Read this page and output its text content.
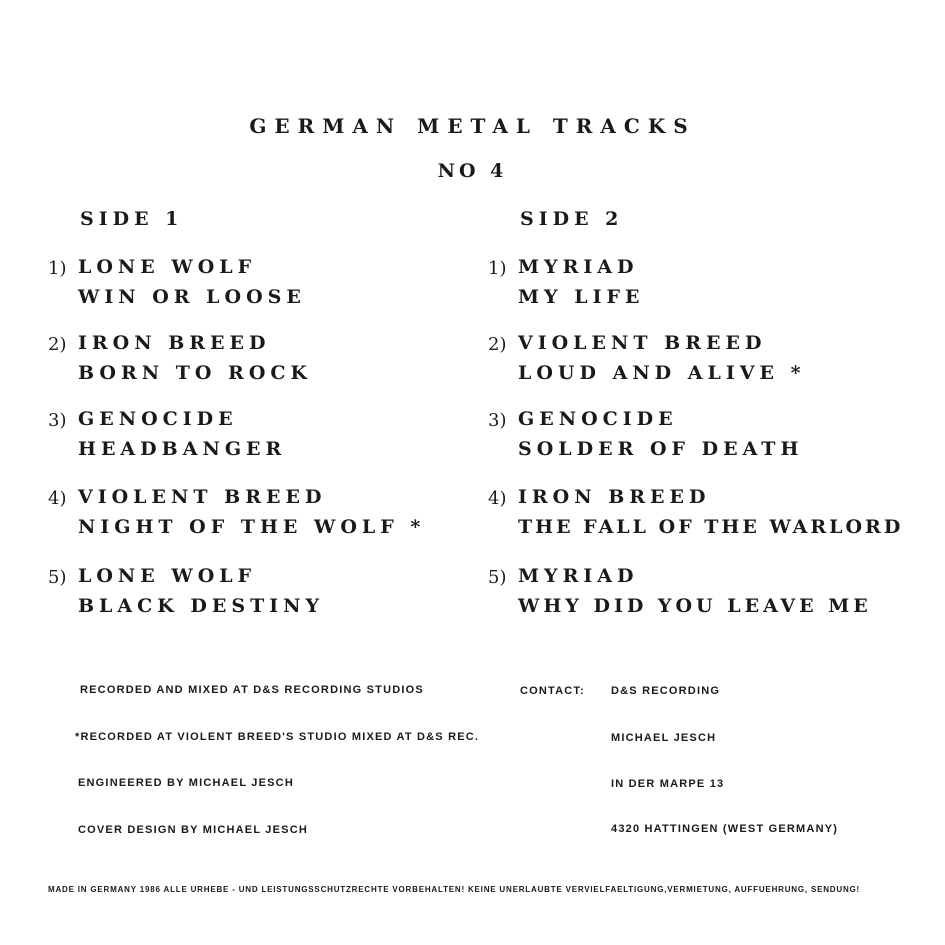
GERMAN METAL TRACKS
NO 4
SIDE 1	SIDE 2
1) LONE WOLF
WIN OR LOOSE
2) IRON BREED
BORN TO ROCK
3) GENOCIDE
HEADBANGER
4) VIOLENT BREED
NIGHT OF THE WOLF *
5) LONE WOLF
BLACK DESTINY
1) MYRIAD
MY LIFE
2) VIOLENT BREED
LOUD AND ALIVE *
3) GENOCIDE
SOLDER OF DEATH
4) IRON BREED
THE FALL OF THE WARLORD
5) MYRIAD
WHY DID YOU LEAVE ME
RECORDED AND MIXED AT D&S RECORDING STUDIOS
*RECORDED AT VIOLENT BREED'S STUDIO MIXED AT D&S REC.
ENGINEERED BY MICHAEL JESCH
COVER DESIGN BY MICHAEL JESCH
CONTACT: D&S RECORDING
MICHAEL JESCH
IN DER MARPE 13
4320 HATTINGEN (WEST GERMANY)
MADE IN GERMANY 1986 ALLE URHEBE - UND LEISTUNGSSCHUTZRECHTE VORBEHALTEN! KEINE UNERLAUBTE VERVIELFAELTIGUNG,VERMIETUNG, AUFFUEHRUNG, SENDUNG!
